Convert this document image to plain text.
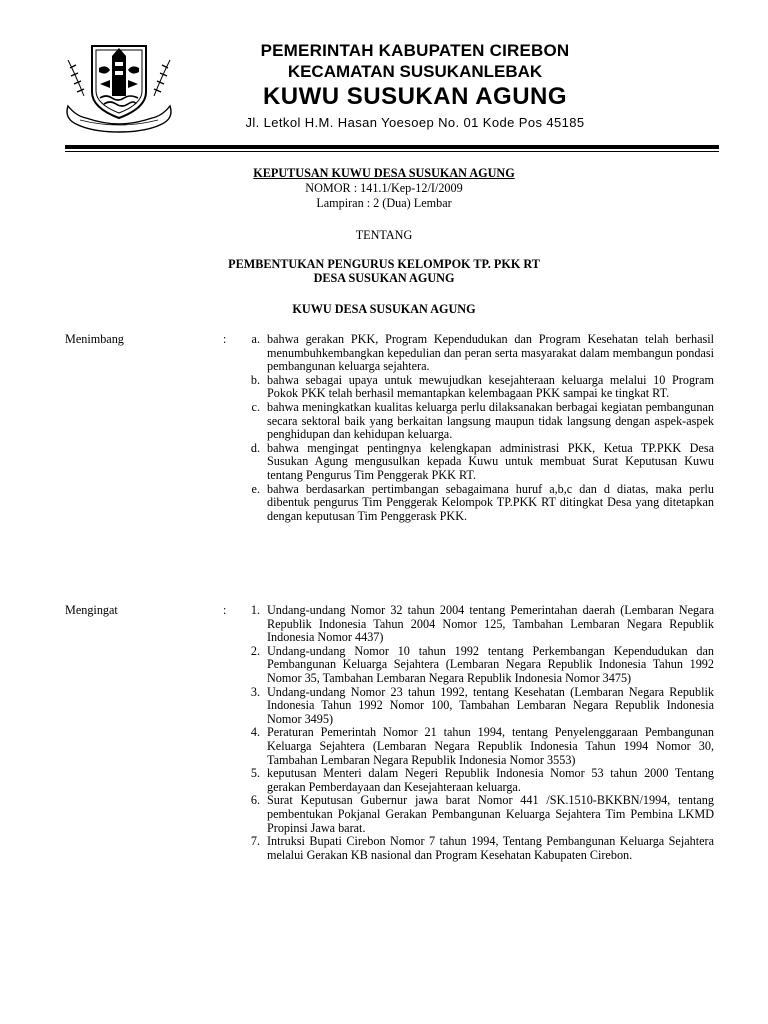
PEMERINTAH KABUPATEN CIREBON
KECAMATAN SUSUKANLEBAK
KUWU SUSUKAN AGUNG
Jl. Letkol H.M. Hasan Yoesoep No. 01 Kode Pos 45185
KEPUTUSAN KUWU DESA SUSUKAN AGUNG
NOMOR : 141.1/Kep-12/I/2009
Lampiran : 2 (Dua) Lembar
TENTANG
PEMBENTUKAN PENGURUS KELOMPOK TP. PKK RT
DESA SUSUKAN AGUNG
KUWU DESA SUSUKAN AGUNG
Menimbang	:	a. bahwa gerakan PKK, Program Kependudukan dan Program Kesehatan telah berhasil menumbuhkembangkan kepedulian dan peran serta masyarakat dalam membangun pondasi pembangunan keluarga sejahtera.
b. bahwa sebagai upaya untuk mewujudkan kesejahteraan keluarga melalui 10 Program Pokok PKK telah berhasil memantapkan kelembagaan PKK sampai ke tingkat RT.
c. bahwa meningkatkan kualitas keluarga perlu dilaksanakan berbagai kegiatan pembangunan secara sektoral baik yang berkaitan langsung maupun tidak langsung dengan aspek-aspek penghidupan dan kehidupan keluarga.
d. bahwa mengingat pentingnya kelengkapan administrasi PKK, Ketua TP.PKK Desa Susukan Agung mengusulkan kepada Kuwu untuk membuat Surat Keputusan Kuwu tentang Pengurus Tim Penggerak PKK RT.
e. bahwa berdasarkan pertimbangan sebagaimana huruf a,b,c dan d diatas, maka perlu dibentuk pengurus Tim Penggerak Kelompok TP.PKK RT ditingkat Desa yang ditetapkan dengan keputusan Tim Penggerask PKK.
Mengingat	:	1. Undang-undang Nomor 32 tahun 2004 tentang Pemerintahan daerah (Lembaran Negara Republik Indonesia Tahun 2004 Nomor 125, Tambahan Lembaran Negara Republik Indonesia Nomor 4437)
2. Undang-undang Nomor 10 tahun 1992 tentang Perkembangan Kependudukan dan Pembangunan Keluarga Sejahtera (Lembaran Negara Republik Indonesia Tahun 1992 Nomor 35, Tambahan Lembaran Negara Republik Indonesia Nomor 3475)
3. Undang-undang Nomor 23 tahun 1992, tentang Kesehatan (Lembaran Negara Republik Indonesia Tahun 1992 Nomor 100, Tambahan Lembaran Negara Republik Indonesia Nomor 3495)
4. Peraturan Pemerintah Nomor 21 tahun 1994, tentang Penyelenggaraan Pembangunan Keluarga Sejahtera (Lembaran Negara Republik Indonesia Tahun 1994 Nomor 30, Tambahan Lembaran Negara Republik Indonesia Nomor 3553)
5. keputusan Menteri dalam Negeri Republik Indonesia Nomor 53 tahun 2000 Tentang gerakan Pemberdayaan dan Kesejahteraan keluarga.
6. Surat Keputusan Gubernur jawa barat Nomor 441 /SK.1510-BKKBN/1994, tentang pembentukan Pokjanal Gerakan Pembangunan Keluarga Sejahtera Tim Pembina LKMD Propinsi Jawa barat.
7. Intruksi Bupati Cirebon Nomor 7 tahun 1994, Tentang Pembangunan Keluarga Sejahtera melalui Gerakan KB nasional dan Program Kesehatan Kabupaten Cirebon.
